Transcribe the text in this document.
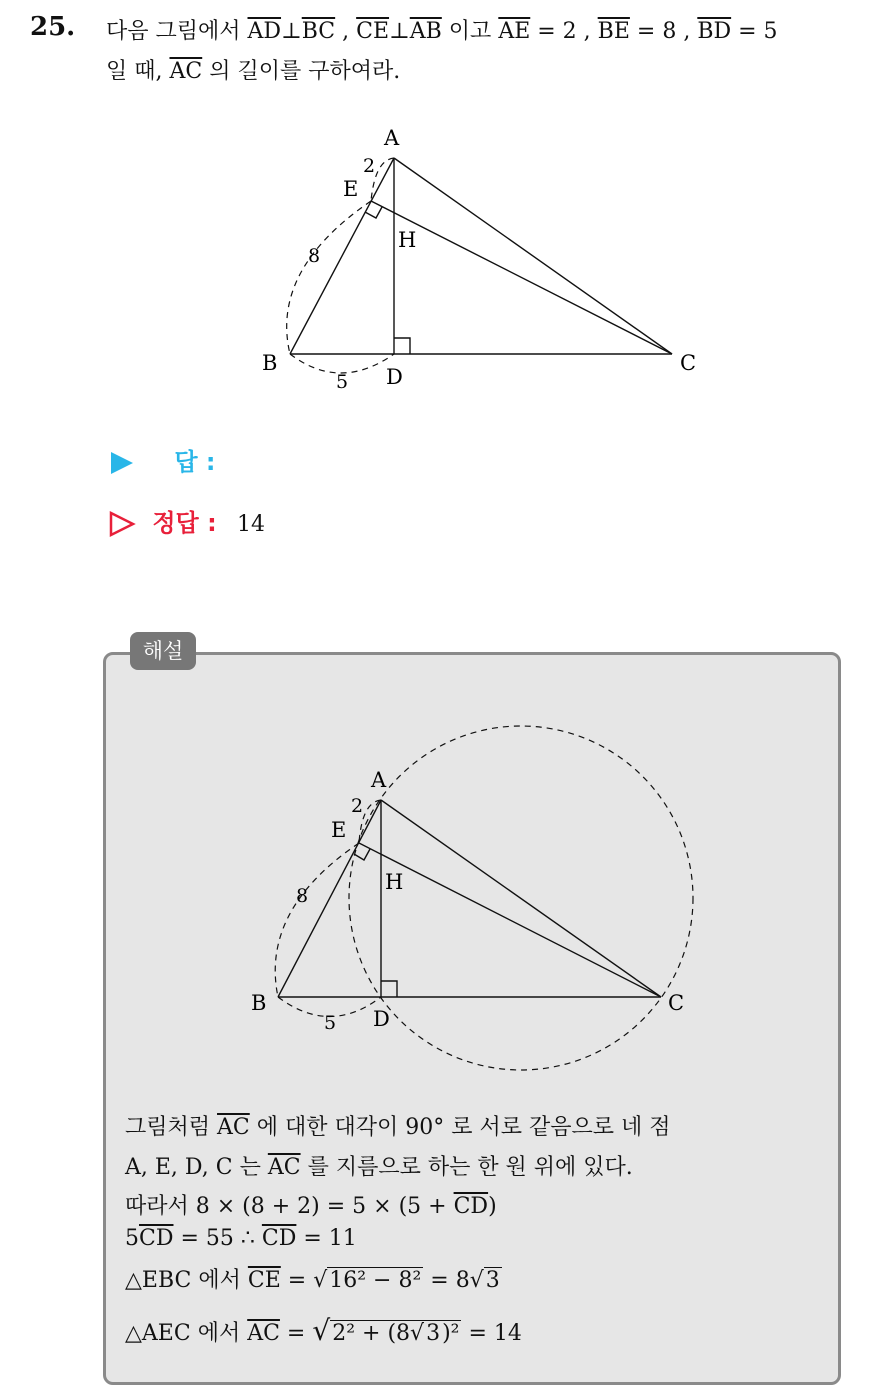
25. 다음 그림에서 $\overline{AD}\perp\overline{BC}$ , $\overline{CE}\perp\overline{AB}$ 이고 $\overline{AE} = 2$ , $\overline{BE} = 8$ , $\overline{BD} = 5$
일 때, $\overline{AC}$ 의 길이를 구하여라.
A
E
H
B	C
D
2
8
5
답 :
정답 : 14
해설
A
E
H
B	C
D
2
8
5
그림처럼 $\overline{AC}$ 에 대한 대각이 90° 로 서로 같음으로 네 점
A, E, D, C 는 $\overline{AC}$ 를 지름으로 하는 한 원 위에 있다.
따라서 $8 \times (8 + 2) = 5 \times (5 + \overline{CD})$
$5\overline{CD} = 55$ ∴ $\overline{CD} = 11$
△EBC 에서 $\overline{CE} = √16^2 - 8^2 = 8√3$
△AEC 에서 $\overline{AC} = √2^2 + (8√3)^2 = 14$
